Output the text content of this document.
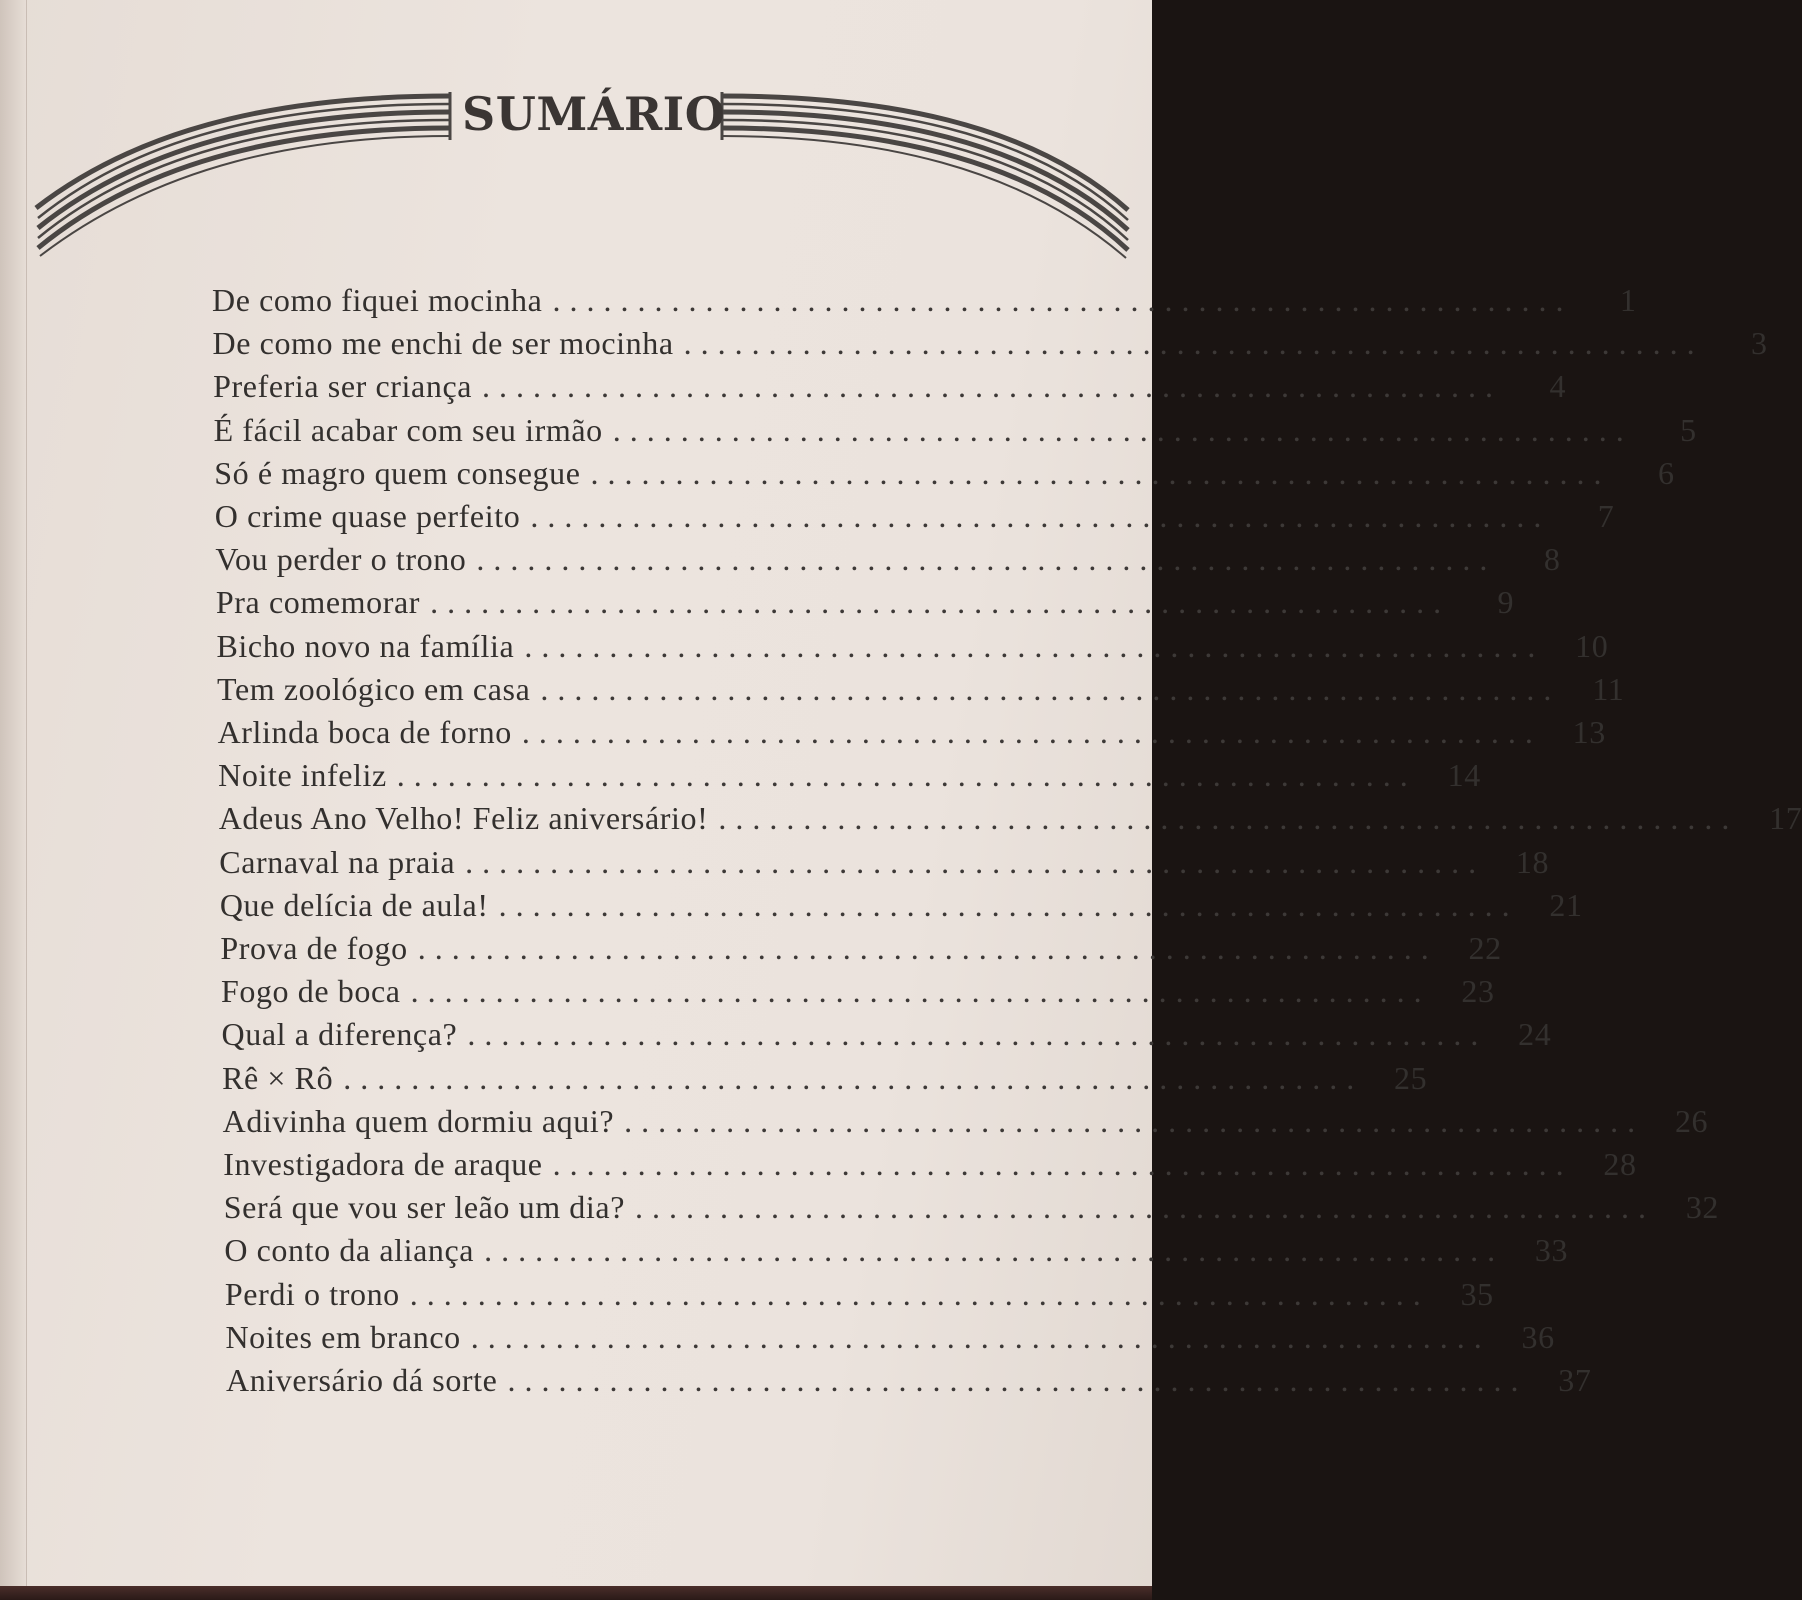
SUMÁRIO
De como fiquei mocinha ............................................................	1
De como me enchi de ser mocinha ............................................................	3
Preferia ser criança ............................................................	4
É fácil acabar com seu irmão ............................................................	5
Só é magro quem consegue ............................................................	6
O crime quase perfeito ............................................................	7
Vou perder o trono ............................................................	8
Pra comemorar ............................................................	9
Bicho novo na família ............................................................ 10
Tem zoológico em casa ............................................................ 11
Arlinda boca de forno ............................................................ 13
Noite infeliz ............................................................ 14
Adeus Ano Velho! Feliz aniversário! ............................................................ 17
Carnaval na praia ............................................................ 18
Que delícia de aula! ............................................................ 21
Prova de fogo ............................................................ 22
Fogo de boca ............................................................ 23
Qual a diferença? ............................................................ 24
Rê × Rô ............................................................ 25
Adivinha quem dormiu aqui? ............................................................ 26
Investigadora de araque ............................................................ 28
Será que vou ser leão um dia? ............................................................ 32
O conto da aliança ............................................................ 33
Perdi o trono ............................................................ 35
Noites em branco ............................................................ 36
Aniversário dá sorte ............................................................ 37
